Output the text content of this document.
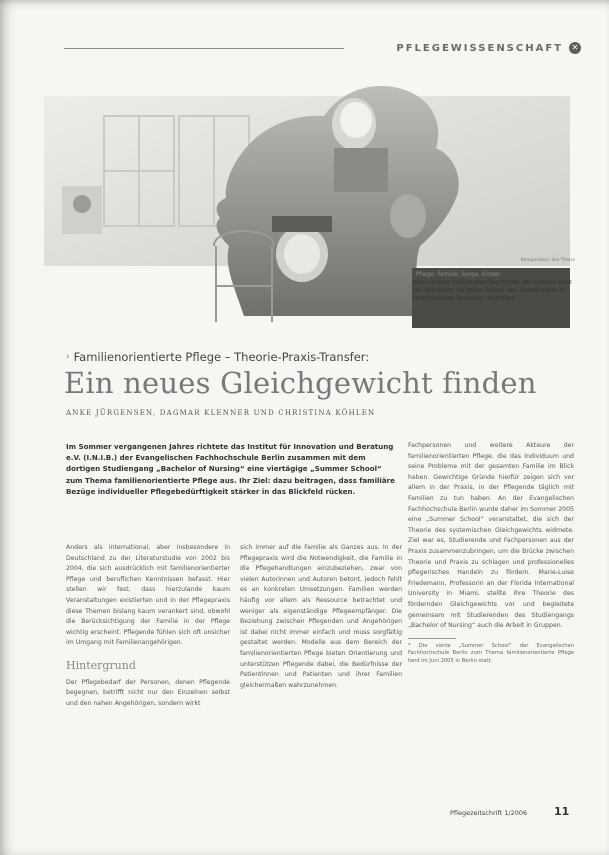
PFLEGEWISSENSCHAFT	✕
Komposition: Ilse Theiss
· Pflege, Familie, Sorge, Kinder
Jeder ist eine individuelle Geschichte, die Summe auch von familiären Vergeben keiten, den Beziehungen in verschiedenen Personen, begriffen.
› Familienorientierte Pflege – Theorie-Praxis-Transfer:
Ein neues Gleichgewicht finden
ANKE JÜRGENSEN, DAGMAR KLENNER UND CHRISTINA KÖHLEN
Im Sommer vergangenen Jahres richtete das Institut für Innovation und Beratung e.V. (I.N.I.B.) der Evangelischen Fachhochschule Berlin zusammen mit dem dortigen Studiengang „Bachelor of Nursing“ eine viertägige „Summer School“ zum Thema familienorientierte Pflege aus. Ihr Ziel: dazu beitragen, dass familiäre Bezüge individueller Pflegebedürftigkeit stärker in das Blickfeld rücken.

Anders als international, aber insbesondere in Deutschland zu der Literaturstudie von 2002 bis 2004, die sich ausdrücklich mit familienorientierter Pflege und beruflichen Kenntnissen befasst. Hier stellen wir fest, dass hierzulande kaum Veranstaltungen existierten und in der Pflegepraxis diese Themen bislang kaum verankert sind, obwohl die Berücksichtigung der Familie in der Pflege wichtig erscheint. Pflegende fühlen sich oft unsicher im Umgang mit Familienangehörigen.

Hintergrund

Der Pflegebedarf der Personen, denen Pflegende begegnen, betrifft nicht nur den Einzelnen selbst und den nahen Angehörigen, sondern wirkt

sich immer auf die Familie als Ganzes aus. In der Pflegepraxis wird die Notwendigkeit, die Familie in die Pflegehandlungen einzubeziehen, zwar von vielen Autorinnen und Autoren betont, jedoch fehlt es an konkreten Umsetzungen. Familien werden häufig vor allem als Ressource betrachtet und weniger als eigenständige Pflegeempfänger. Die Beziehung zwischen Pflegenden und Angehörigen ist dabei nicht immer einfach und muss sorgfältig gestaltet werden. Modelle aus dem Bereich der familienorientierten Pflege bieten Orientierung und unterstützen Pflegende dabei, die Bedürfnisse der Patientinnen und Patienten und ihrer Familien gleichermaßen wahrzunehmen.

Fachpersonen und weitere Akteure der familienorientierten Pflege, die das Individuum und seine Probleme mit der gesamten Familie im Blick haben. Gewichtige Gründe hierfür zeigen sich vor allem in der Praxis, in der Pflegende täglich mit Familien zu tun haben. An der Evangelischen Fachhochschule Berlin wurde daher im Sommer 2005 eine „Summer School“ veranstaltet, die sich der Theorie des systemischen Gleichgewichts widmete. Ziel war es, Studierende und Fachpersonen aus der Praxis zusammenzubringen, um die Brücke zwischen Theorie und Praxis zu schlagen und professionelles pflegerisches Handeln zu fördern. Marie-Luise Friedemann, Professorin an der Florida International University in Miami, stellte ihre Theorie des fördernden Gleichgewichts vor und begleitete gemeinsam mit Studierenden des Studiengangs „Bachelor of Nursing“ auch die Arbeit in Gruppen.

* Die vierte „Summer School“ der Evangelischen Fachhochschule Berlin zum Thema familienorientierte Pflege fand im Juni 2005 in Berlin statt.
Pflegezeitschrift 1/2006 11
